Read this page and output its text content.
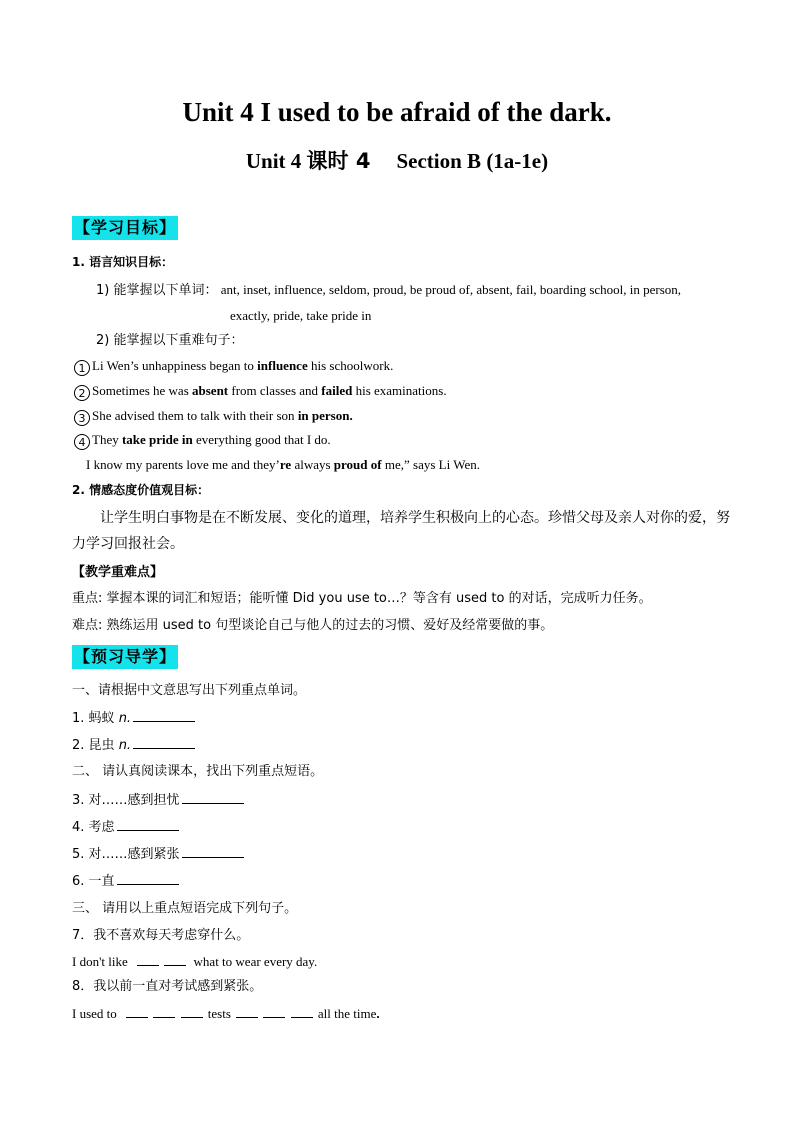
Unit 4 I used to be afraid of the dark.
Unit 4 课时 4 Section B (1a-1e)
【学习目标】
1. 语言知识目标：
1) 能掌握以下单词： ant, inset, influence, seldom, proud, be proud of, absent, fail, boarding school, in person,
exactly, pride, take pride in
2) 能掌握以下重难句子：
1 Li Wen’s unhappiness began to influence his schoolwork.
2 Sometimes he was absent from classes and failed his examinations.
3 She advised them to talk with their son in person.
4 They take pride in everything good that I do.
I know my parents love me and they’re always proud of me,” says Li Wen.
2. 情感态度价值观目标：
让学生明白事物是在不断发展、变化的道理，培养学生积极向上的心态。珍惜父母及亲人对你的爱，努力学习回报社会。
【教学重难点】
重点: 掌握本课的词汇和短语；能听懂 Did you use to…？等含有 used to 的对话，完成听力任务。
难点: 熟练运用 used to 句型谈论自己与他人的过去的习惯、爱好及经常要做的事。
【预习导学】
一、请根据中文意思写出下列重点单词。
1. 蚂蚁 n.
2. 昆虫 n.
二、 请认真阅读课本，找出下列重点短语。
3. 对……感到担忧
4. 考虑
5. 对……感到紧张
6. 一直
三、 请用以上重点短语完成下列句子。
7．我不喜欢每天考虑穿什么。
I don't like	what to wear every day.
8．我以前一直对考试感到紧张。
I used to	tests	all the time.
